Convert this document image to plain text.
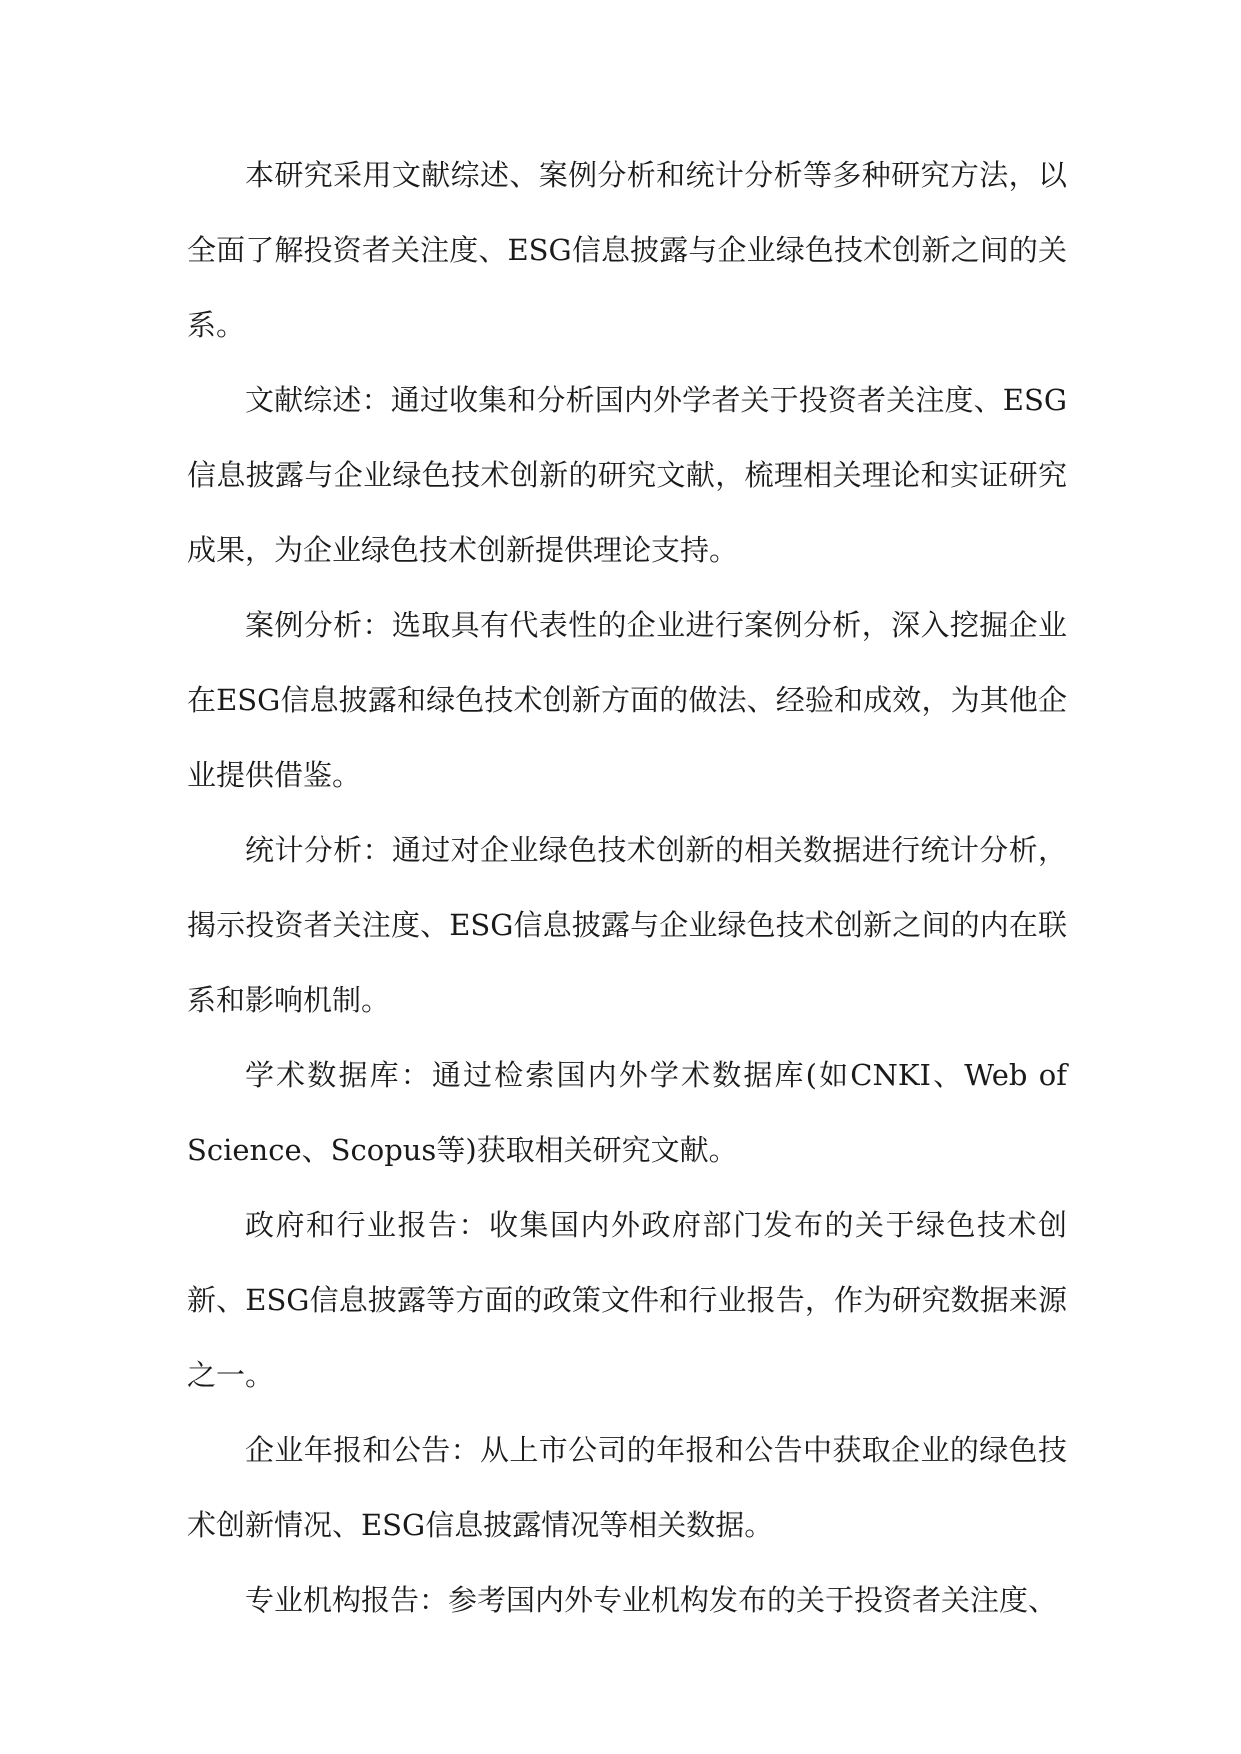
本研究采用文献综述、案例分析和统计分析等多种研究方法，以全面了解投资者关注度、ESG信息披露与企业绿色技术创新之间的关系。

文献综述：通过收集和分析国内外学者关于投资者关注度、ESG信息披露与企业绿色技术创新的研究文献，梳理相关理论和实证研究成果，为企业绿色技术创新提供理论支持。

案例分析：选取具有代表性的企业进行案例分析，深入挖掘企业在ESG信息披露和绿色技术创新方面的做法、经验和成效，为其他企业提供借鉴。

统计分析：通过对企业绿色技术创新的相关数据进行统计分析，揭示投资者关注度、ESG信息披露与企业绿色技术创新之间的内在联系和影响机制。

学术数据库：通过检索国内外学术数据库(如CNKI、Web of Science、Scopus等)获取相关研究文献。

政府和行业报告：收集国内外政府部门发布的关于绿色技术创新、ESG信息披露等方面的政策文件和行业报告，作为研究数据来源之一。

企业年报和公告：从上市公司的年报和公告中获取企业的绿色技术创新情况、ESG信息披露情况等相关数据。

专业机构报告：参考国内外专业机构发布的关于投资者关注度、
